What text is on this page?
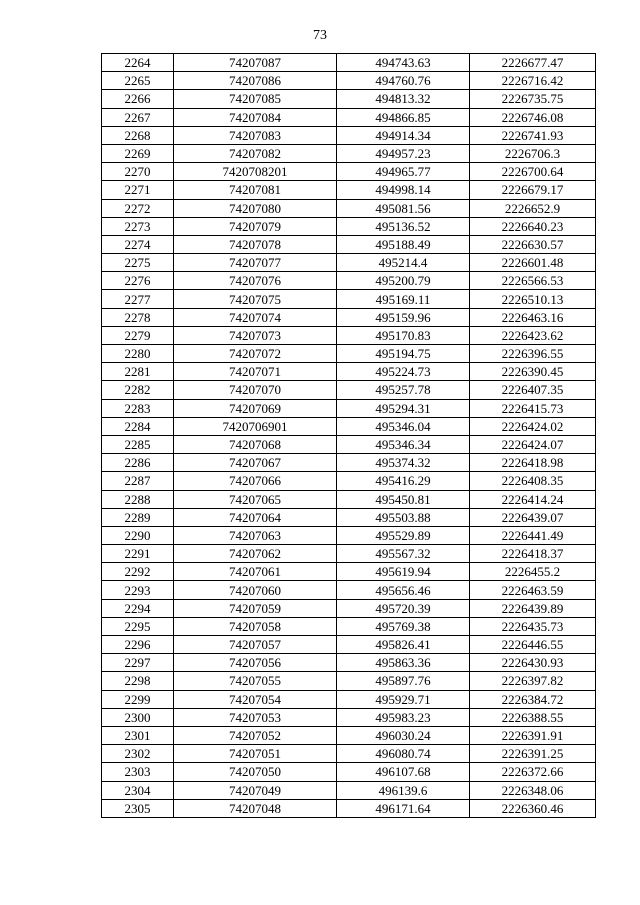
73
2264	74207087	494743.63	2226677.47
2265	74207086	494760.76	2226716.42
2266	74207085	494813.32	2226735.75
2267	74207084	494866.85	2226746.08
2268	74207083	494914.34	2226741.93
2269	74207082	494957.23	2226706.3
2270	7420708201	494965.77	2226700.64
2271	74207081	494998.14	2226679.17
2272	74207080	495081.56	2226652.9
2273	74207079	495136.52	2226640.23
2274	74207078	495188.49	2226630.57
2275	74207077	495214.4	2226601.48
2276	74207076	495200.79	2226566.53
2277	74207075	495169.11	2226510.13
2278	74207074	495159.96	2226463.16
2279	74207073	495170.83	2226423.62
2280	74207072	495194.75	2226396.55
2281	74207071	495224.73	2226390.45
2282	74207070	495257.78	2226407.35
2283	74207069	495294.31	2226415.73
2284	7420706901	495346.04	2226424.02
2285	74207068	495346.34	2226424.07
2286	74207067	495374.32	2226418.98
2287	74207066	495416.29	2226408.35
2288	74207065	495450.81	2226414.24
2289	74207064	495503.88	2226439.07
2290	74207063	495529.89	2226441.49
2291	74207062	495567.32	2226418.37
2292	74207061	495619.94	2226455.2
2293	74207060	495656.46	2226463.59
2294	74207059	495720.39	2226439.89
2295	74207058	495769.38	2226435.73
2296	74207057	495826.41	2226446.55
2297	74207056	495863.36	2226430.93
2298	74207055	495897.76	2226397.82
2299	74207054	495929.71	2226384.72
2300	74207053	495983.23	2226388.55
2301	74207052	496030.24	2226391.91
2302	74207051	496080.74	2226391.25
2303	74207050	496107.68	2226372.66
2304	74207049	496139.6	2226348.06
2305	74207048	496171.64	2226360.46
